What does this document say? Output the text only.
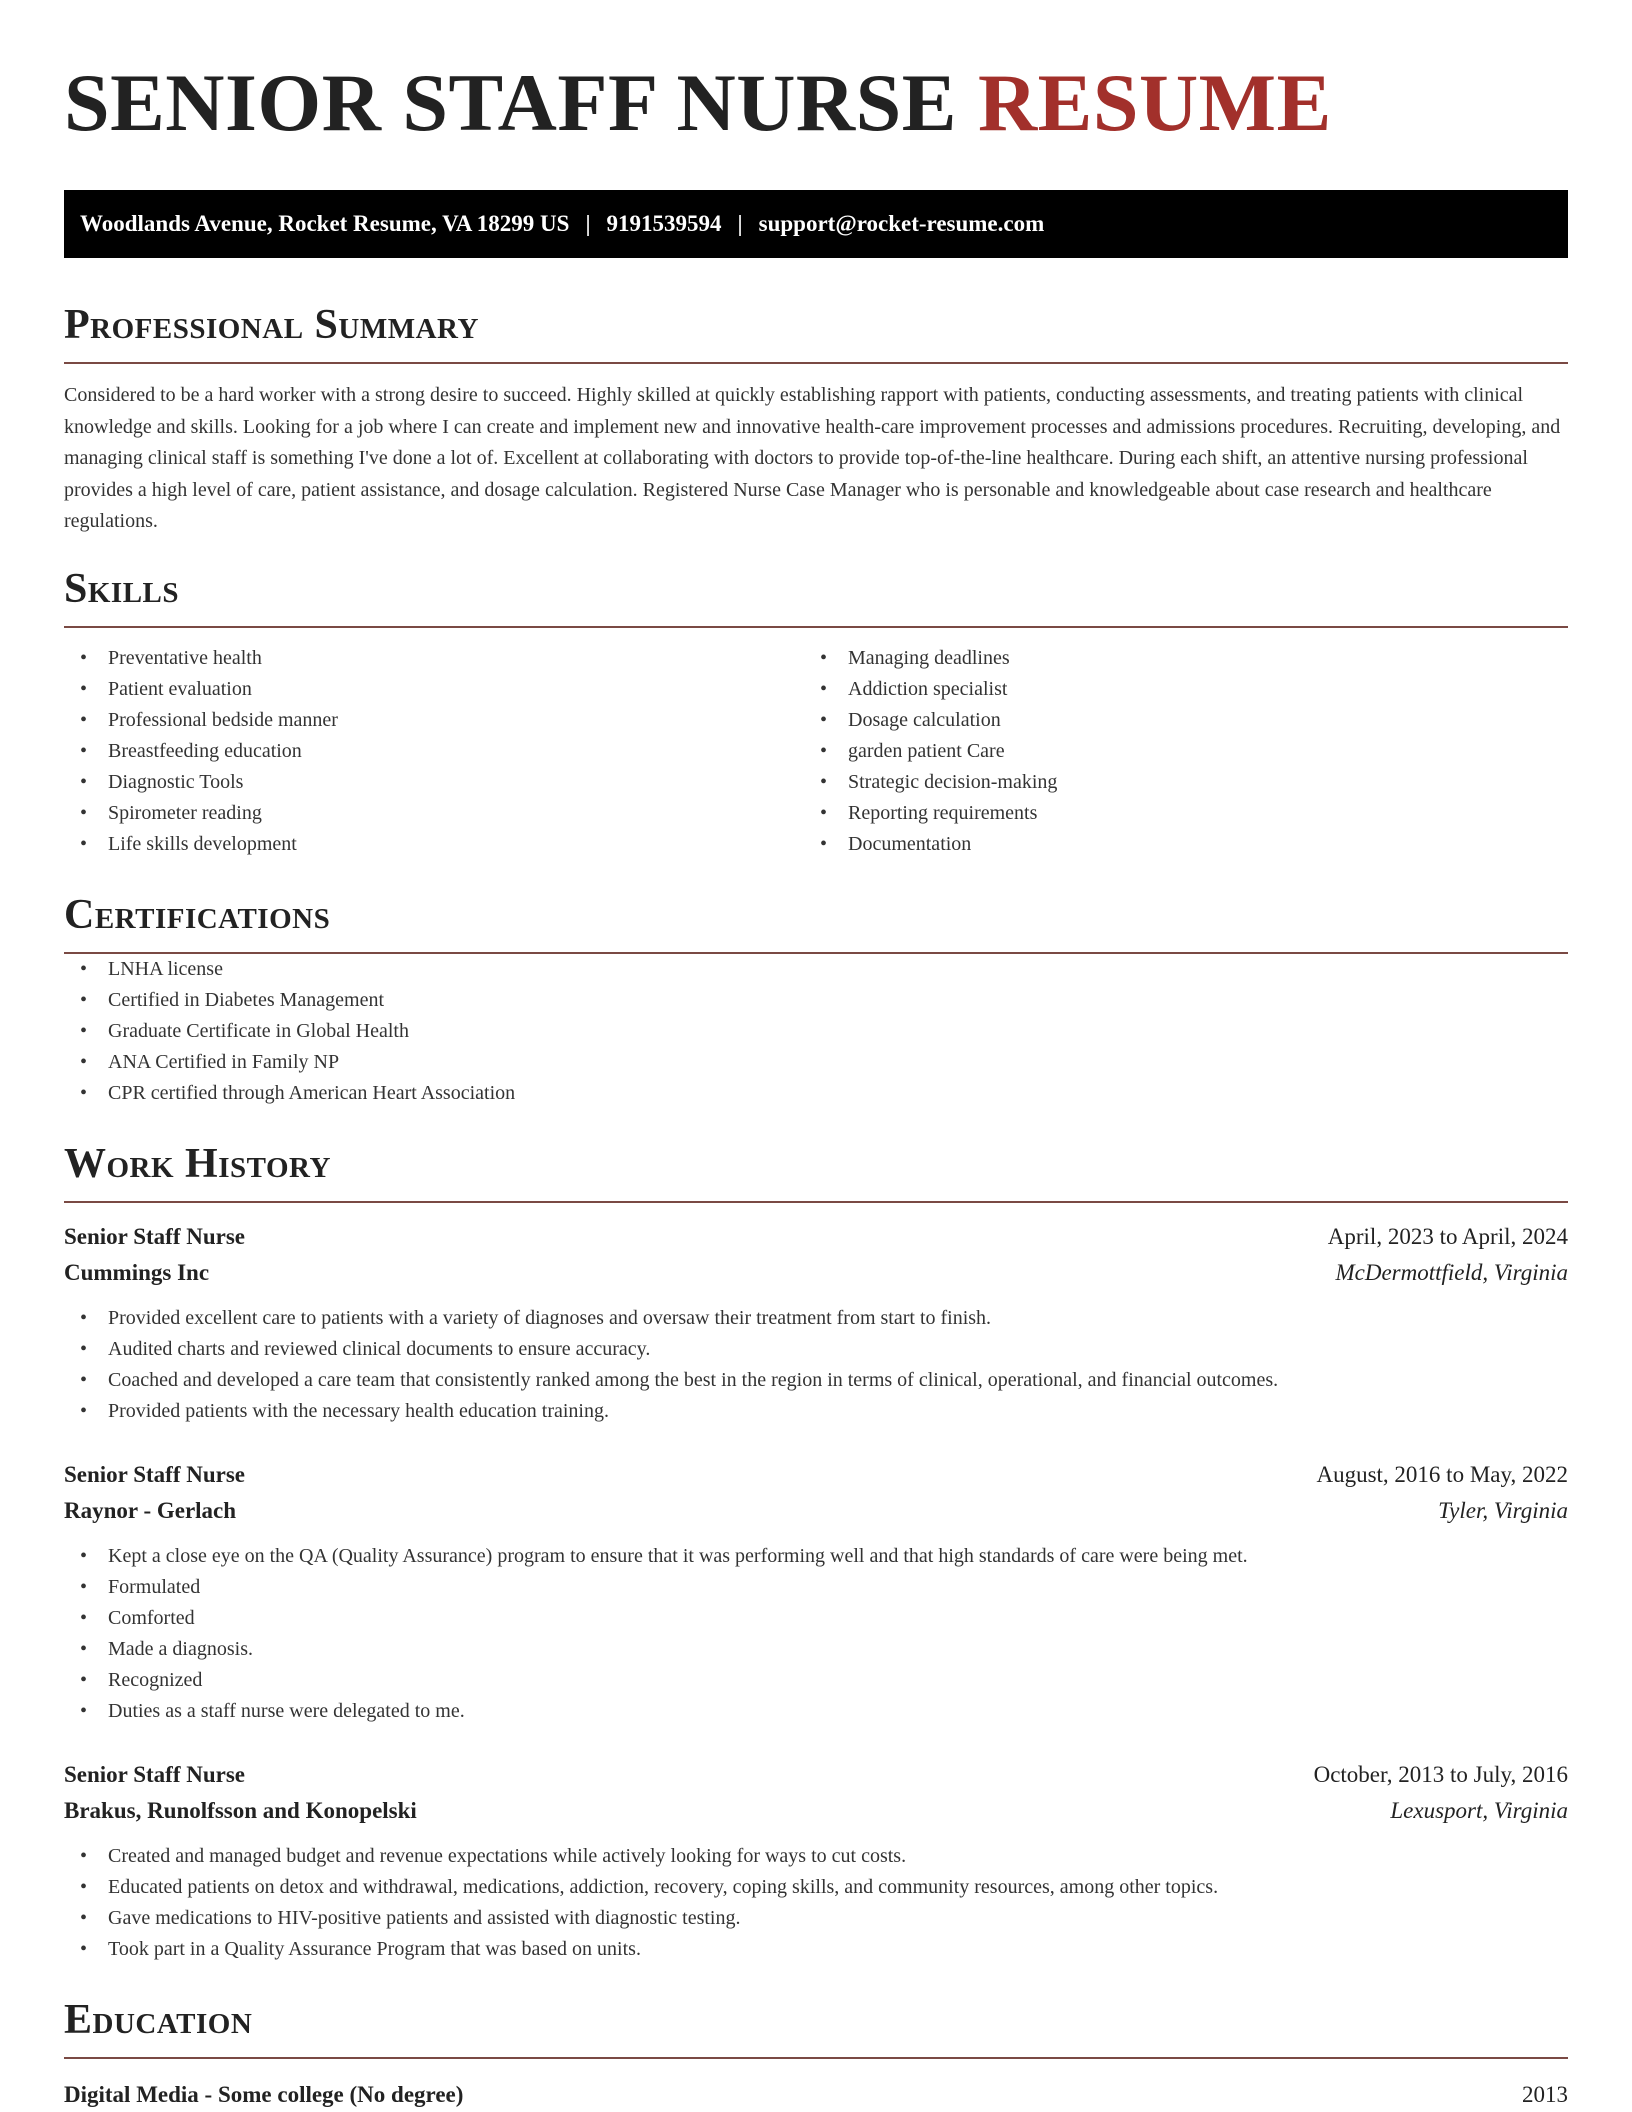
SENIOR STAFF NURSE RESUME
Woodlands Avenue, Rocket Resume, VA 18299 US | 9191539594 | support@rocket-resume.com
Professional Summary

Considered to be a hard worker with a strong desire to succeed. Highly skilled at quickly establishing rapport with patients, conducting assessments, and treating patients with clinical knowledge and skills. Looking for a job where I can create and implement new and innovative health-care improvement processes and admissions procedures. Recruiting, developing, and managing clinical staff is something I've done a lot of. Excellent at collaborating with doctors to provide top-of-the-line healthcare. During each shift, an attentive nursing professional provides a high level of care, patient assistance, and dosage calculation. Registered Nurse Case Manager who is personable and knowledgeable about case research and healthcare regulations.

Skills
• Preventative health
• Patient evaluation
• Professional bedside manner
• Breastfeeding education
• Diagnostic Tools
• Spirometer reading
• Life skills development
• Managing deadlines
• Addiction specialist
• Dosage calculation
• garden patient Care
• Strategic decision-making
• Reporting requirements
• Documentation
Certifications
• LNHA license
• Certified in Diabetes Management
• Graduate Certificate in Global Health
• ANA Certified in Family NP
• CPR certified through American Heart Association
Work History
Senior Staff Nurse	April, 2023 to April, 2024
Cummings Inc	McDermottfield, Virginia
• Provided excellent care to patients with a variety of diagnoses and oversaw their treatment from start to finish.
• Audited charts and reviewed clinical documents to ensure accuracy.
• Coached and developed a care team that consistently ranked among the best in the region in terms of clinical, operational, and financial outcomes.
• Provided patients with the necessary health education training.
Senior Staff Nurse	August, 2016 to May, 2022
Raynor - Gerlach	Tyler, Virginia
• Kept a close eye on the QA (Quality Assurance) program to ensure that it was performing well and that high standards of care were being met.
• Formulated
• Comforted
• Made a diagnosis.
• Recognized
• Duties as a staff nurse were delegated to me.
Senior Staff Nurse	October, 2013 to July, 2016
Brakus, Runolfsson and Konopelski	Lexusport, Virginia
• Created and managed budget and revenue expectations while actively looking for ways to cut costs.
• Educated patients on detox and withdrawal, medications, addiction, recovery, coping skills, and community resources, among other topics.
• Gave medications to HIV-positive patients and assisted with diagnostic testing.
• Took part in a Quality Assurance Program that was based on units.
Education
Digital Media - Some college (No degree)	2013
